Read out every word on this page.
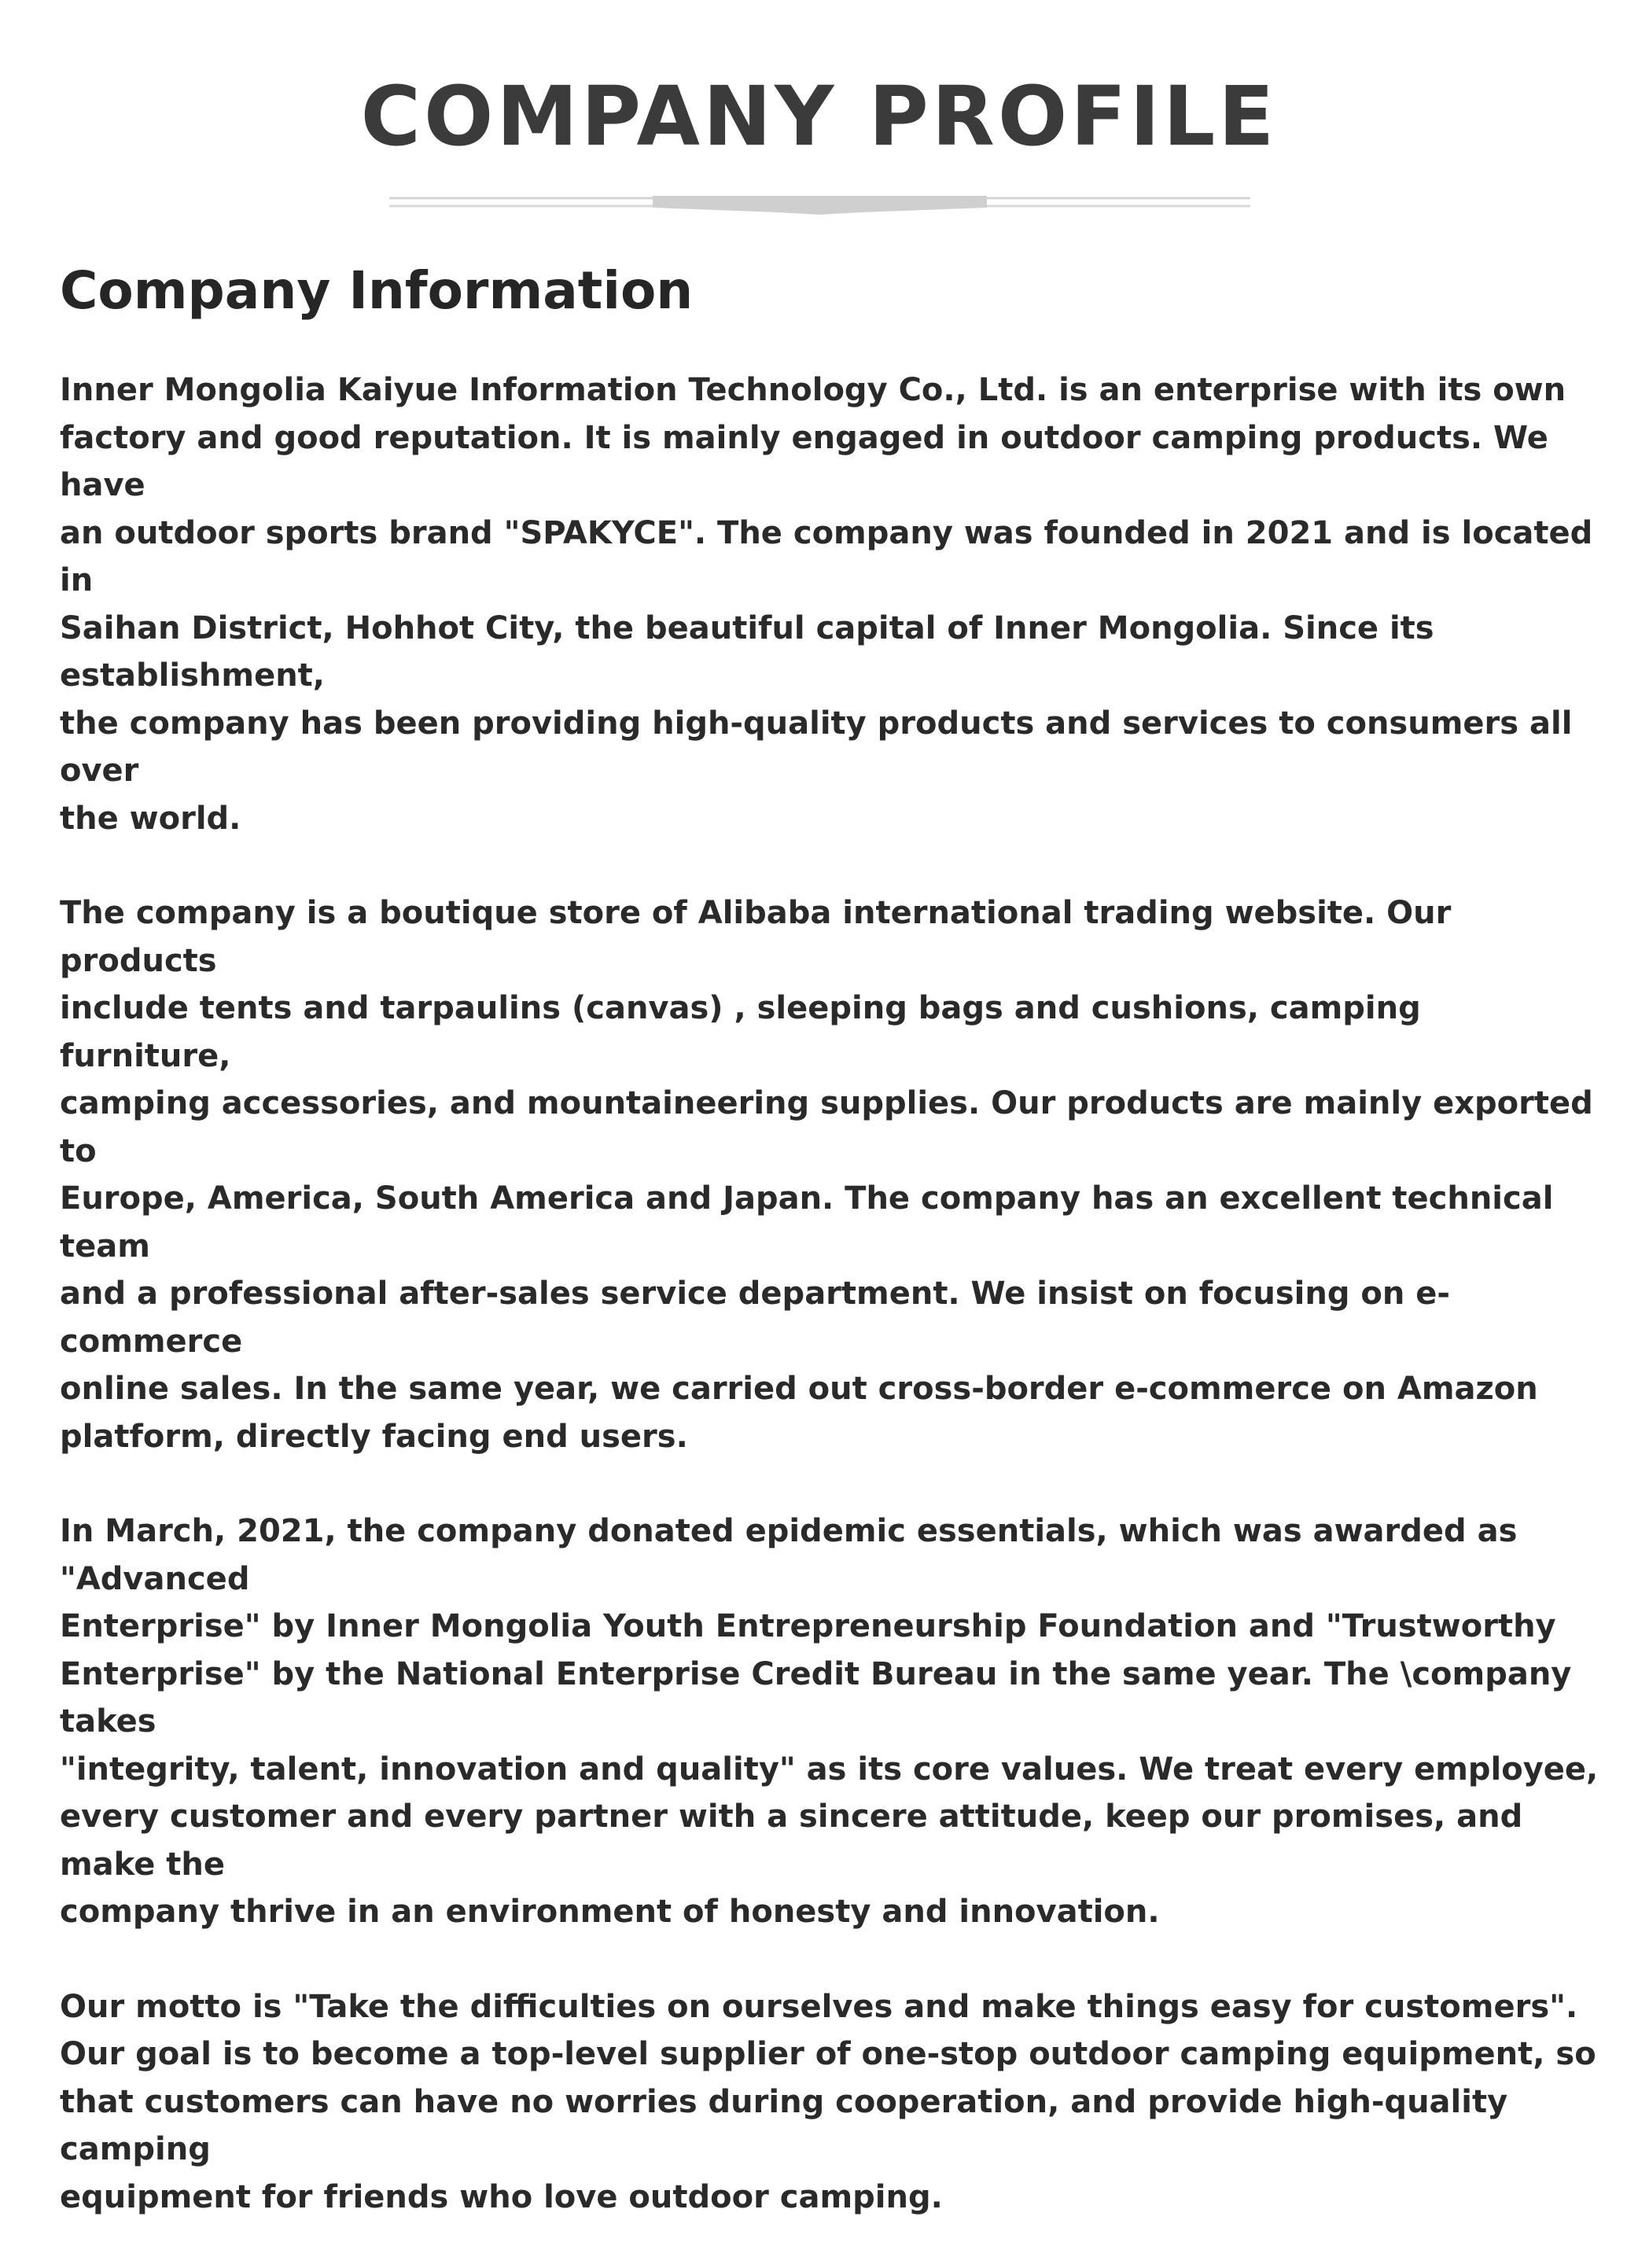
COMPANY PROFILE
Company Information

Inner Mongolia Kaiyue Information Technology Co., Ltd. is an enterprise with its own
factory and good reputation. It is mainly engaged in outdoor camping products. We have
an outdoor sports brand "SPAKYCE". The company was founded in 2021 and is located in
Saihan District, Hohhot City, the beautiful capital of Inner Mongolia. Since its establishment,
the company has been providing high-quality products and services to consumers all over
the world.

The company is a boutique store of Alibaba international trading website. Our products
include tents and tarpaulins (canvas) , sleeping bags and cushions, camping furniture,
camping accessories, and mountaineering supplies. Our products are mainly exported to
Europe, America, South America and Japan. The company has an excellent technical team
and a professional after-sales service department. We insist on focusing on e-commerce
online sales. In the same year, we carried out cross-border e-commerce on Amazon
platform, directly facing end users.

In March, 2021, the company donated epidemic essentials, which was awarded as "Advanced
Enterprise" by Inner Mongolia Youth Entrepreneurship Foundation and "Trustworthy
Enterprise" by the National Enterprise Credit Bureau in the same year. The \company takes
"integrity, talent, innovation and quality" as its core values. We treat every employee,
every customer and every partner with a sincere attitude, keep our promises, and make the
company thrive in an environment of honesty and innovation.

Our motto is "Take the difficulties on ourselves and make things easy for customers".
Our goal is to become a top-level supplier of one-stop outdoor camping equipment, so
that customers can have no worries during cooperation, and provide high-quality camping
equipment for friends who love outdoor camping.
